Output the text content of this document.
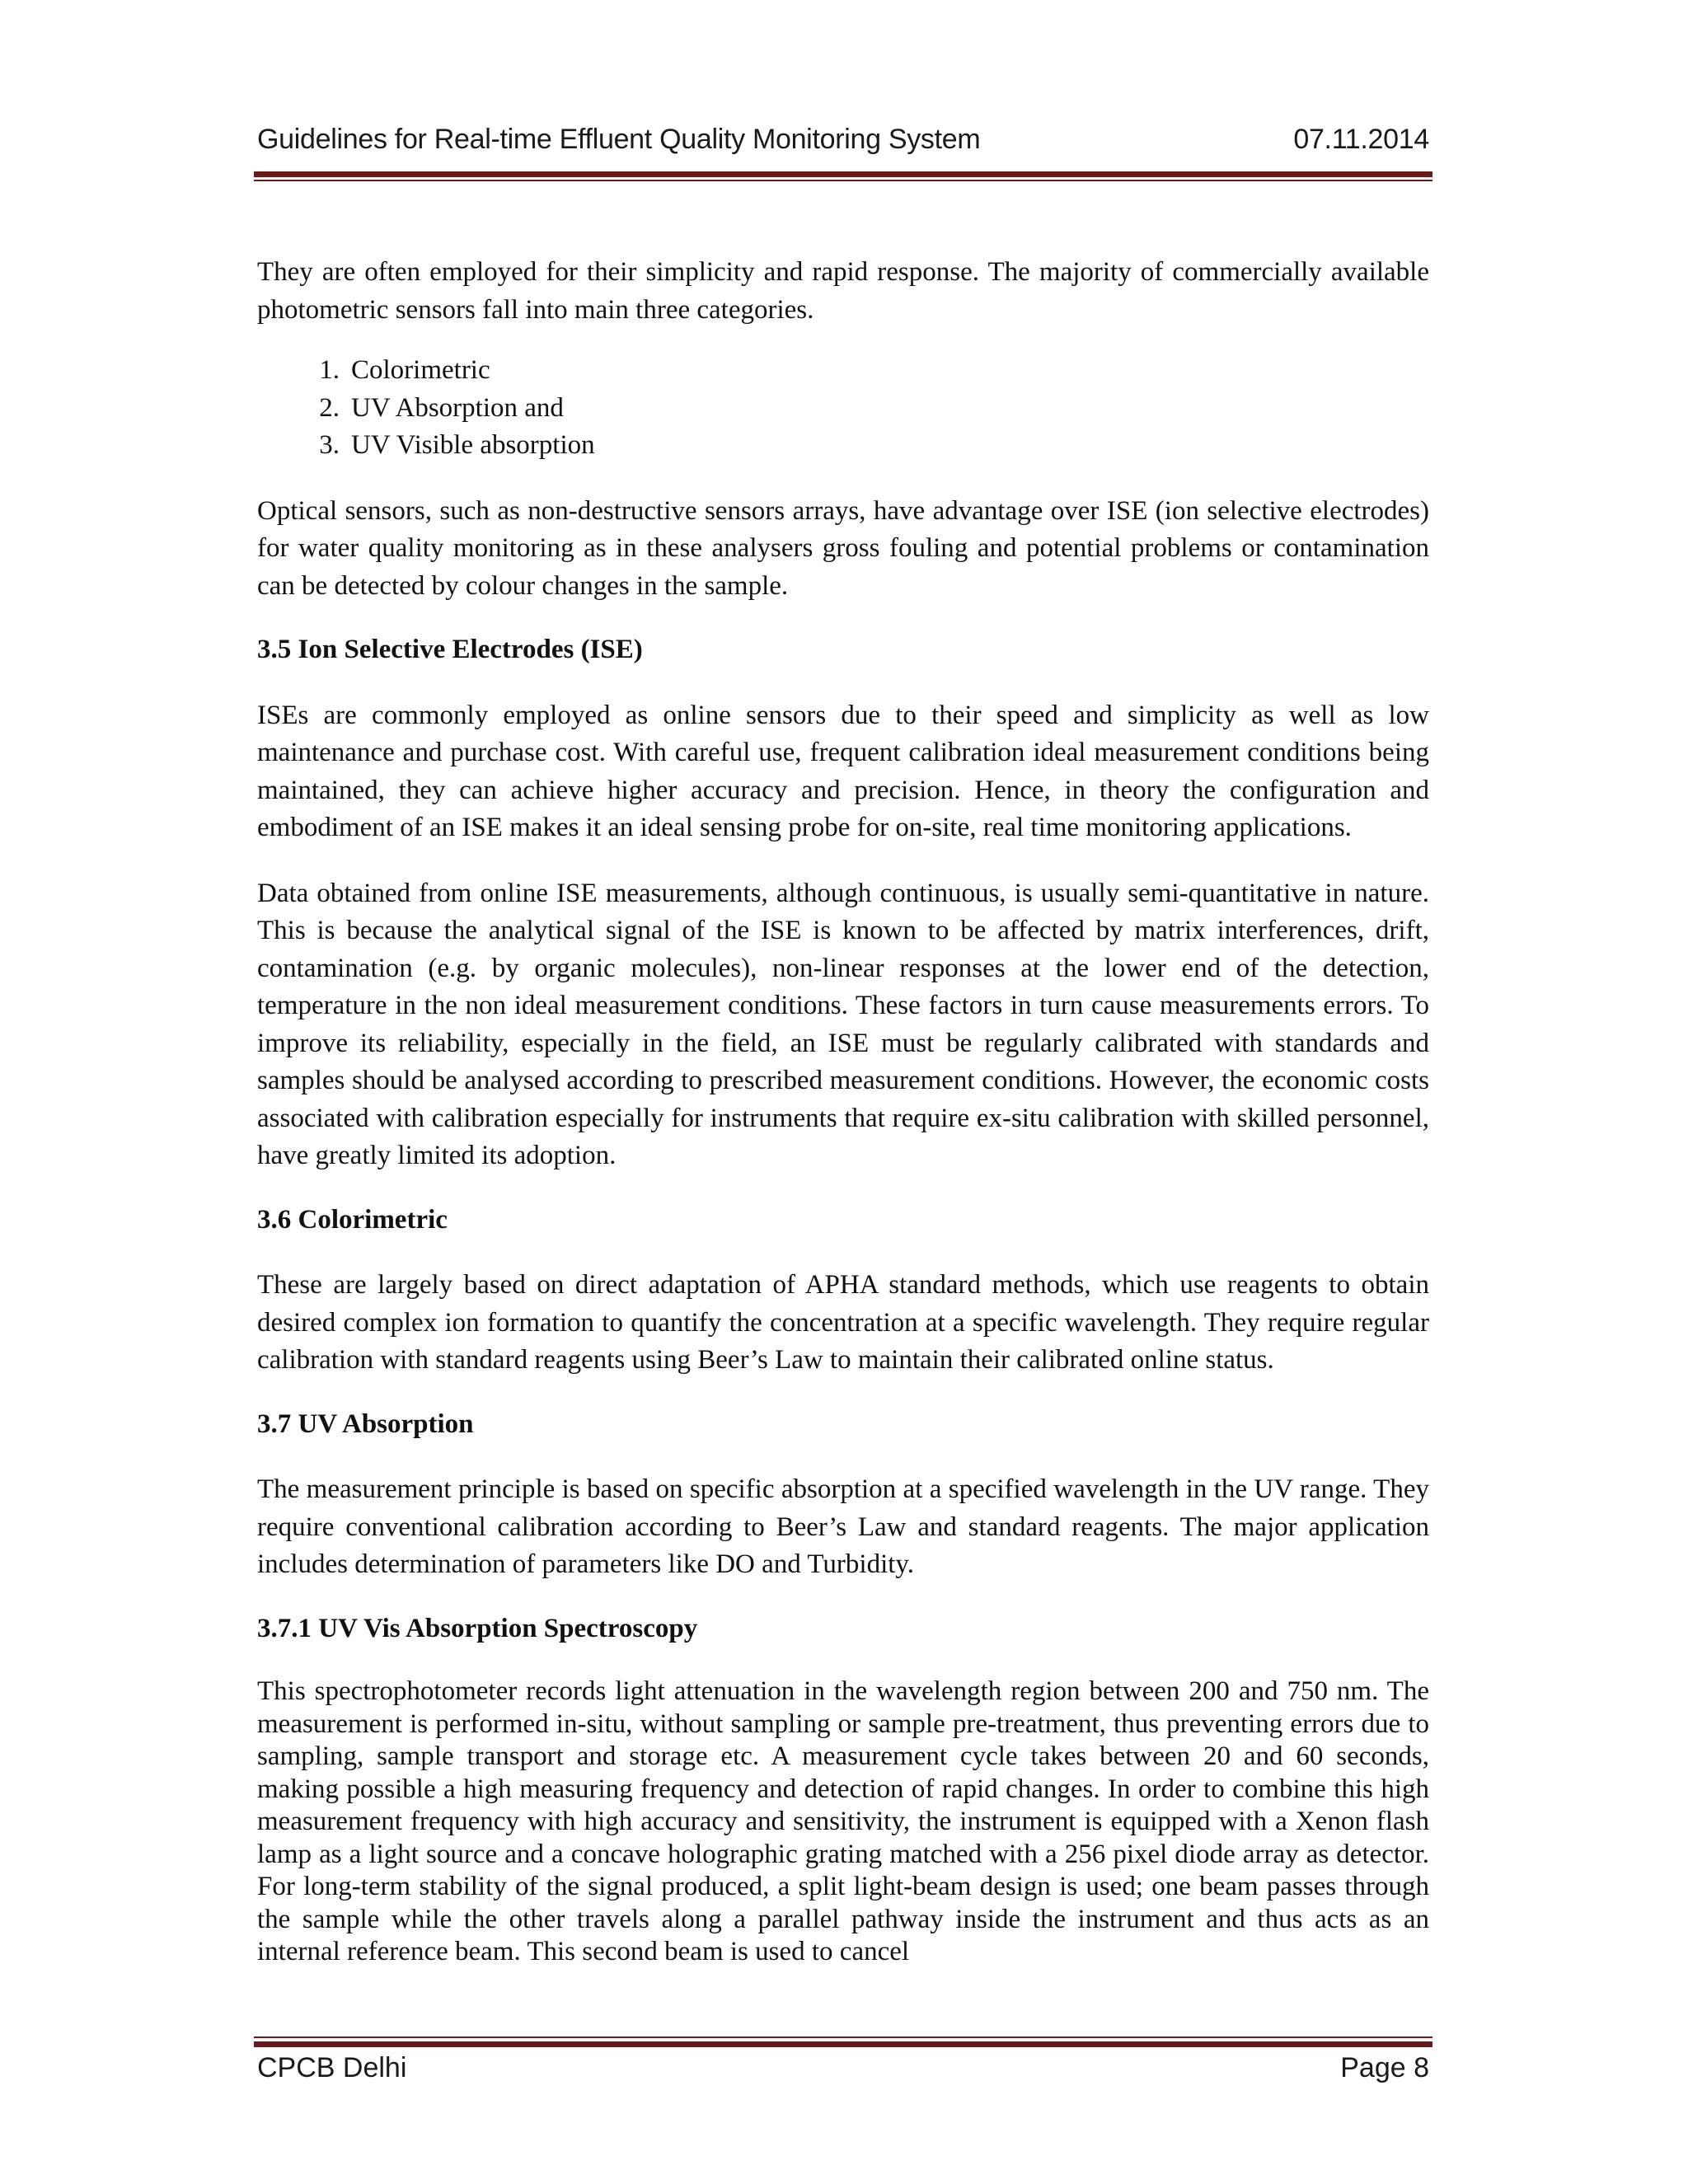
Guidelines for Real-time Effluent Quality Monitoring System	07.11.2014

They are often employed for their simplicity and rapid response. The majority of commercially available photometric sensors fall into main three categories.

1. Colorimetric
2. UV Absorption and
3. UV Visible absorption

Optical sensors, such as non-destructive sensors arrays, have advantage over ISE (ion selective electrodes) for water quality monitoring as in these analysers gross fouling and potential problems or contamination can be detected by colour changes in the sample.

3.5 Ion Selective Electrodes (ISE)

ISEs are commonly employed as online sensors due to their speed and simplicity as well as low maintenance and purchase cost. With careful use, frequent calibration ideal measurement conditions being maintained, they can achieve higher accuracy and precision. Hence, in theory the configuration and embodiment of an ISE makes it an ideal sensing probe for on-site, real time monitoring applications.

Data obtained from online ISE measurements, although continuous, is usually semi-quantitative in nature. This is because the analytical signal of the ISE is known to be affected by matrix interferences, drift, contamination (e.g. by organic molecules), non-linear responses at the lower end of the detection, temperature in the non ideal measurement conditions. These factors in turn cause measurements errors. To improve its reliability, especially in the field, an ISE must be regularly calibrated with standards and samples should be analysed according to prescribed measurement conditions. However, the economic costs associated with calibration especially for instruments that require ex-situ calibration with skilled personnel, have greatly limited its adoption.

3.6 Colorimetric

These are largely based on direct adaptation of APHA standard methods, which use reagents to obtain desired complex ion formation to quantify the concentration at a specific wavelength. They require regular calibration with standard reagents using Beer’s Law to maintain their calibrated online status.

3.7 UV Absorption

The measurement principle is based on specific absorption at a specified wavelength in the UV range. They require conventional calibration according to Beer’s Law and standard reagents. The major application includes determination of parameters like DO and Turbidity.

3.7.1 UV Vis Absorption Spectroscopy

This spectrophotometer records light attenuation in the wavelength region between 200 and 750 nm. The measurement is performed in-situ, without sampling or sample pre-treatment, thus preventing errors due to sampling, sample transport and storage etc. A measurement cycle takes between 20 and 60 seconds, making possible a high measuring frequency and detection of rapid changes. In order to combine this high measurement frequency with high accuracy and sensitivity, the instrument is equipped with a Xenon flash lamp as a light source and a concave holographic grating matched with a 256 pixel diode array as detector. For long-term stability of the signal produced, a split light-beam design is used; one beam passes through the sample while the other travels along a parallel pathway inside the instrument and thus acts as an internal reference beam. This second beam is used to cancel

CPCB Delhi	Page 8
